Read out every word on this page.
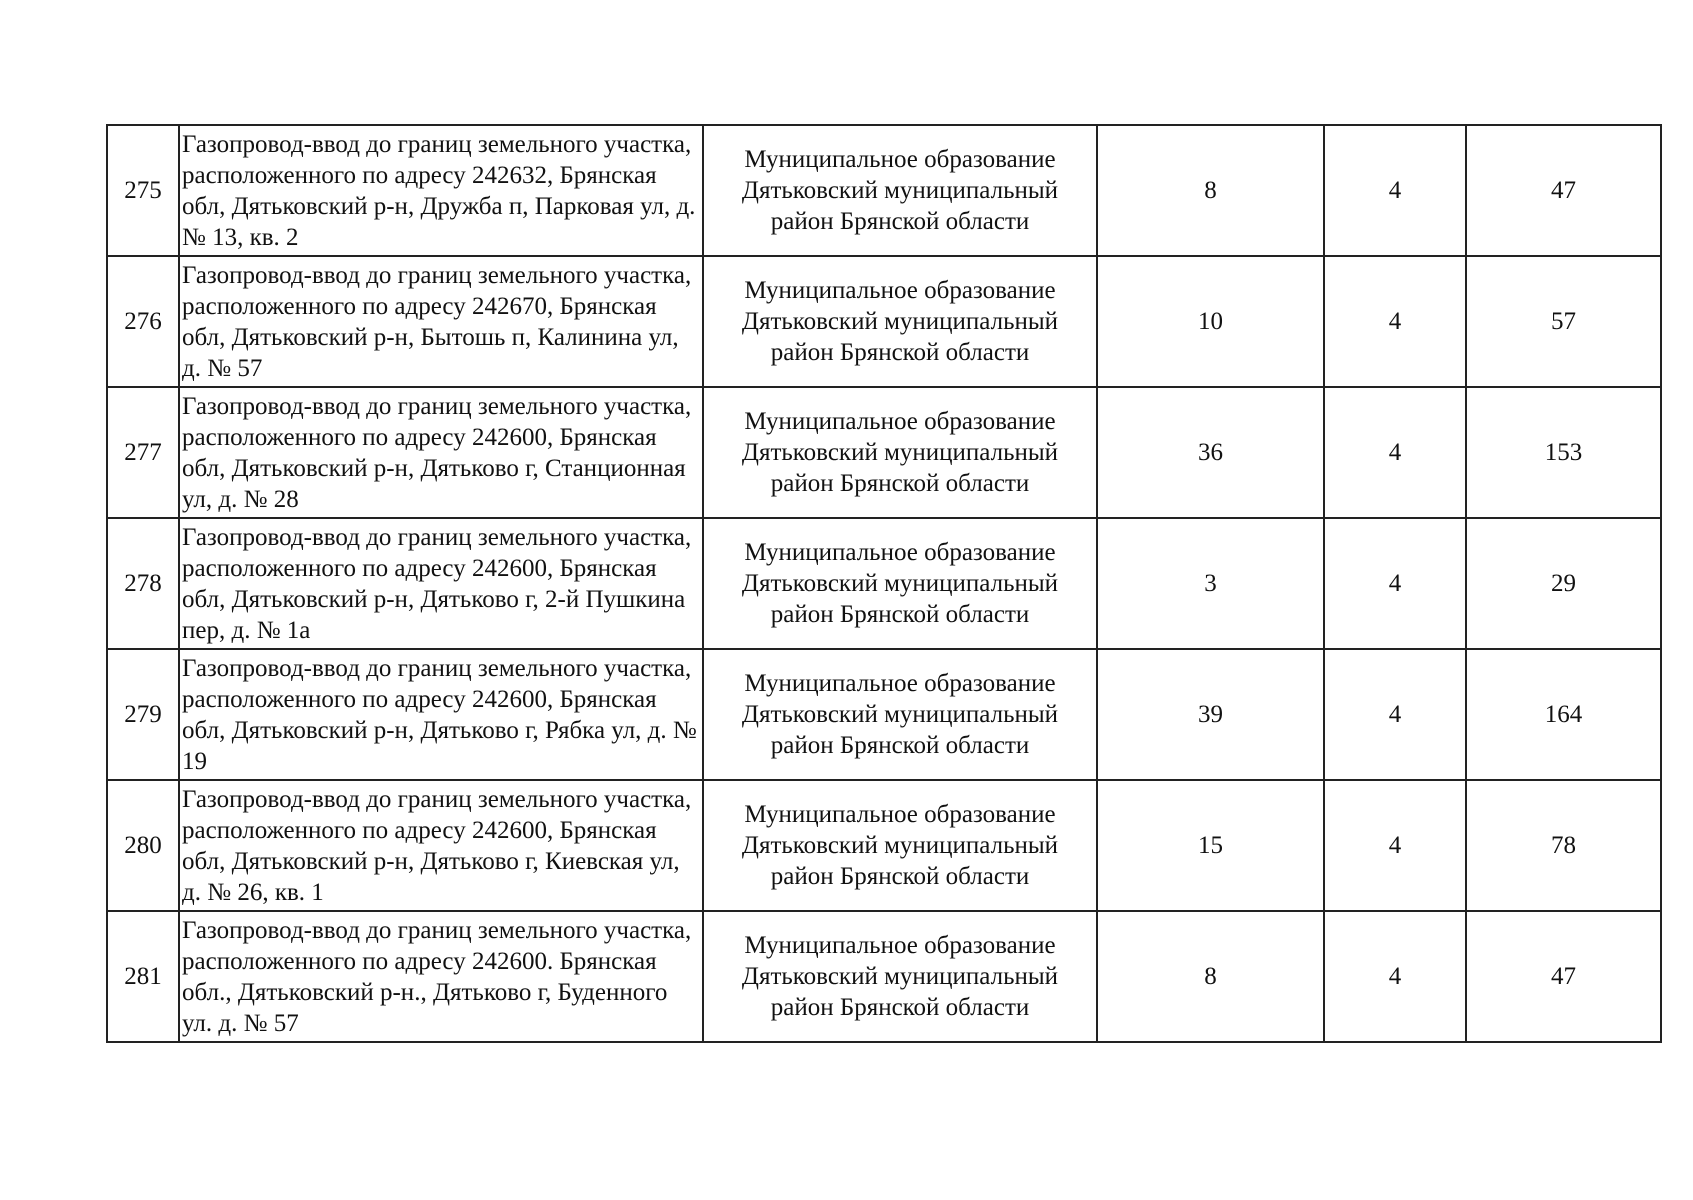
275	Газопровод-ввод до границ земельного участка, расположенного по адресу 242632, Брянская обл, Дятьковский р-н, Дружба п, Парковая ул, д. № 13, кв. 2	Муниципальное образование Дятьковский муниципальный район Брянской области	8	4	47
276	Газопровод-ввод до границ земельного участка, расположенного по адресу 242670, Брянская обл, Дятьковский р-н, Бытошь п, Калинина ул, д. № 57	Муниципальное образование Дятьковский муниципальный район Брянской области	10	4	57
277	Газопровод-ввод до границ земельного участка, расположенного по адресу 242600, Брянская обл, Дятьковский р-н, Дятьково г, Станционная ул, д. № 28	Муниципальное образование Дятьковский муниципальный район Брянской области	36	4	153
278	Газопровод-ввод до границ земельного участка, расположенного по адресу 242600, Брянская обл, Дятьковский р-н, Дятьково г, 2-й Пушкина пер, д. № 1а	Муниципальное образование Дятьковский муниципальный район Брянской области	3	4	29
279	Газопровод-ввод до границ земельного участка, расположенного по адресу 242600, Брянская обл, Дятьковский р-н, Дятьково г, Рябка ул, д. № 19	Муниципальное образование Дятьковский муниципальный район Брянской области	39	4	164
280	Газопровод-ввод до границ земельного участка, расположенного по адресу 242600, Брянская обл, Дятьковский р-н, Дятьково г, Киевская ул, д. № 26, кв. 1	Муниципальное образование Дятьковский муниципальный район Брянской области	15	4	78
281	Газопровод-ввод до границ земельного участка, расположенного по адресу 242600. Брянская обл., Дятьковский р-н., Дятьково г, Буденного ул. д. № 57	Муниципальное образование Дятьковский муниципальный район Брянской области	8	4	47
